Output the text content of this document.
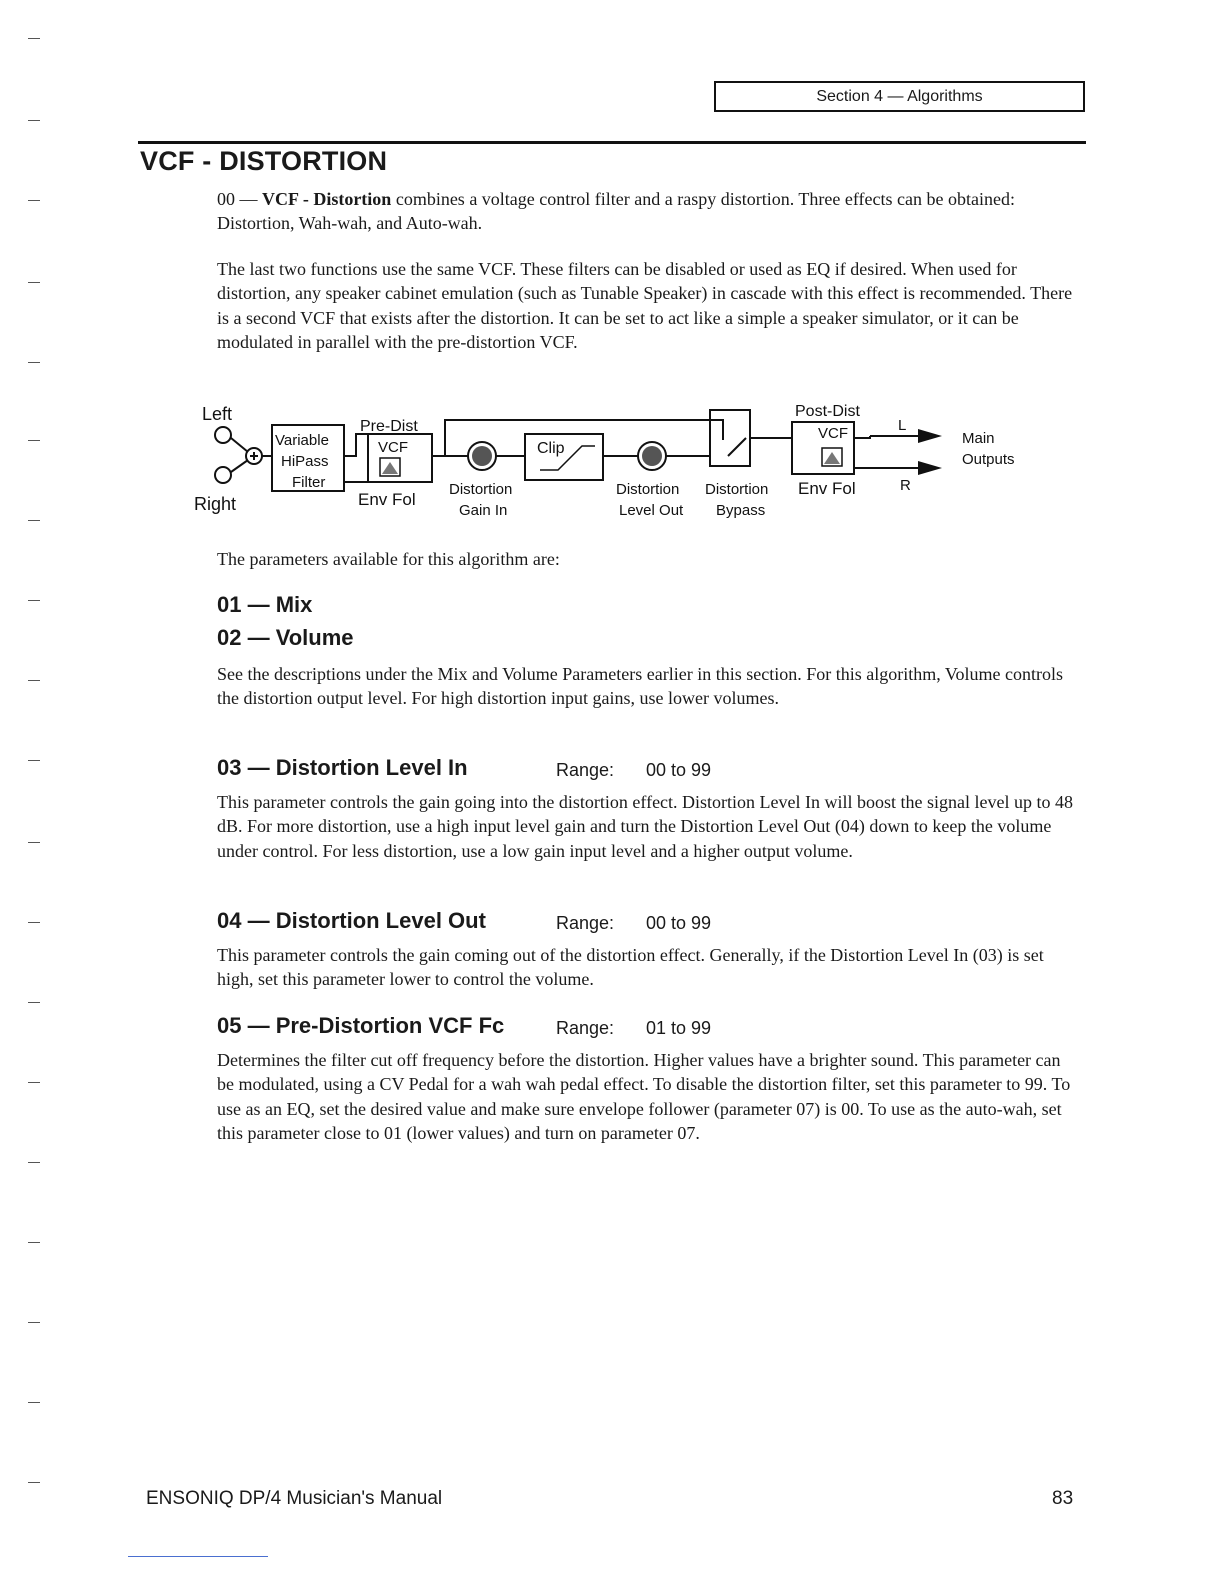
Section 4 — Algorithms
VCF - DISTORTION

00 — VCF - Distortion combines a voltage control filter and a raspy distortion. Three effects can be obtained: Distortion, Wah-wah, and Auto-wah.

The last two functions use the same VCF. These filters can be disabled or used as EQ if desired. When used for distortion, any speaker cabinet emulation (such as Tunable Speaker) in cascade with this effect is recommended. There is a second VCF that exists after the distortion. It can be set to act like a simple a speaker simulator, or it can be modulated in parallel with the pre-distortion VCF.

Left
Right
Variable
HiPass
Filter
Pre-Dist
VCF
Env Fol
Distortion
Gain In
Clip
Distortion
Level Out
Distortion
Bypass
Post-Dist
VCF
Env Fol
L
R
Main
Outputs

The parameters available for this algorithm are:

01 — Mix
02 — Volume

See the descriptions under the Mix and Volume Parameters earlier in this section. For this algorithm, Volume controls the distortion output level. For high distortion input gains, use lower volumes.

03 — Distortion Level In	Range: 00 to 99

This parameter controls the gain going into the distortion effect. Distortion Level In will boost the signal level up to 48 dB. For more distortion, use a high input level gain and turn the Distortion Level Out (04) down to keep the volume under control. For less distortion, use a low gain input level and a higher output volume.

04 — Distortion Level Out	Range: 00 to 99

This parameter controls the gain coming out of the distortion effect. Generally, if the Distortion Level In (03) is set high, set this parameter lower to control the volume.

05 — Pre-Distortion VCF Fc	Range: 01 to 99

Determines the filter cut off frequency before the distortion. Higher values have a brighter sound. This parameter can be modulated, using a CV Pedal for a wah wah pedal effect. To disable the distortion filter, set this parameter to 99. To use as an EQ, set the desired value and make sure envelope follower (parameter 07) is 00. To use as the auto-wah, set this parameter close to 01 (lower values) and turn on parameter 07.

ENSONIQ DP/4 Musician's Manual	83
